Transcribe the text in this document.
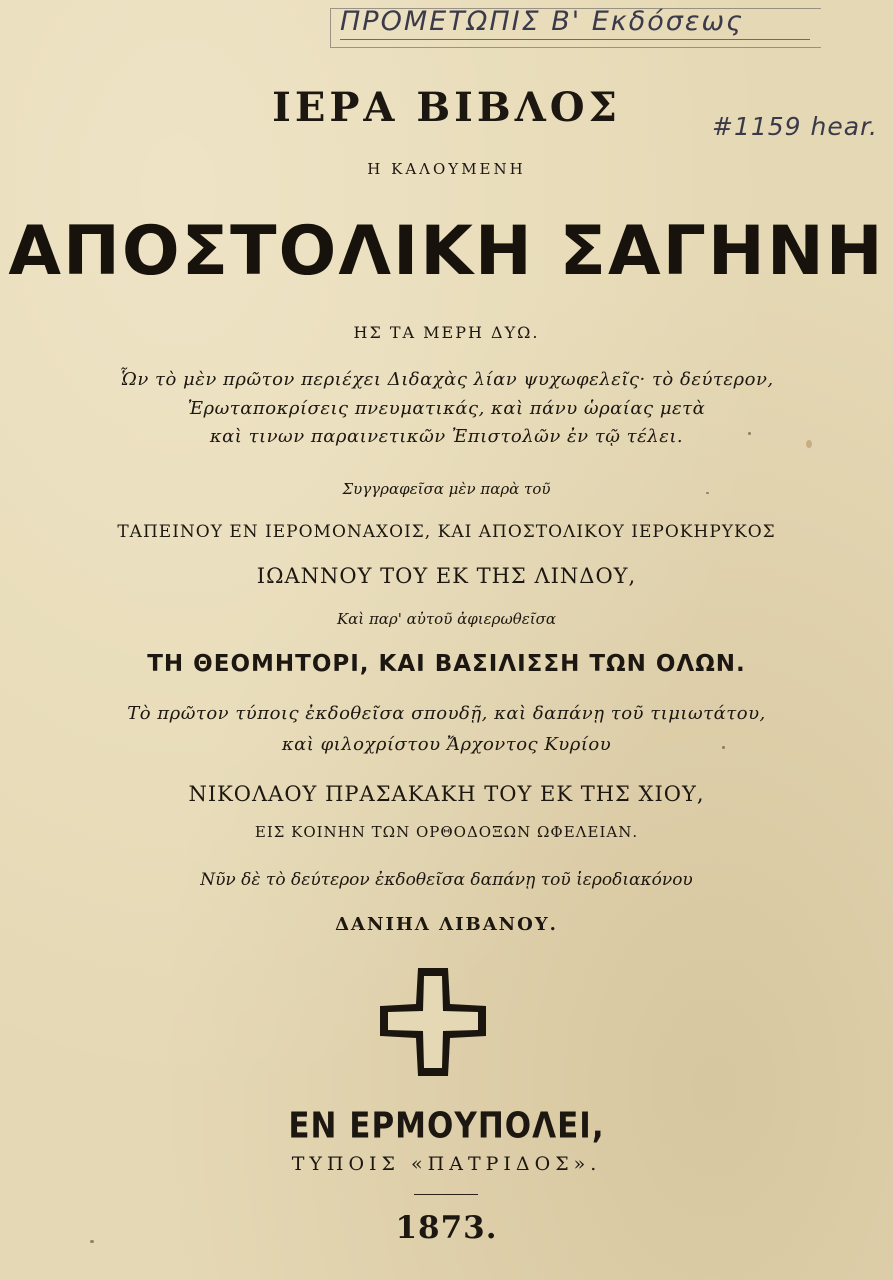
ΠΡΟΜΕΤΩΠΙΣ Β' Εκδόσεως
#1159 hear.
ΙΕΡΑ ΒΙΒΛΟΣ
Η ΚΑΛΟΥΜΕΝΗ
ΑΠΟΣΤΟΛΙΚΗ ΣΑΓΗΝΗ
ΗΣ ΤΑ ΜΕΡΗ ΔΥΩ.
Ὧν τὸ μὲν πρῶτον περιέχει Διδαχὰς λίαν ψυχωφελεῖς· τὸ δεύτερον,
Ἐρωταποκρίσεις πνευματικάς, καὶ πάνυ ὡραίας μετὰ
καὶ τινων παραινετικῶν Ἐπιστολῶν ἐν τῷ τέλει.
Συγγραφεῖσα μὲν παρὰ τοῦ
ΤΑΠΕΙΝΟΥ ΕΝ ΙΕΡΟΜΟΝΑΧΟΙΣ, ΚΑΙ ΑΠΟΣΤΟΛΙΚΟΥ ΙΕΡΟΚΗΡΥΚΟΣ
ΙΩΑΝΝΟΥ ΤΟΥ ΕΚ ΤΗΣ ΛΙΝΔΟΥ,
Καὶ παρ' αὐτοῦ ἀφιερωθεῖσα
ΤΗ ΘΕΟΜΗΤΟΡΙ, ΚΑΙ ΒΑΣΙΛΙΣΣΗ ΤΩΝ ΟΛΩΝ.
Τὸ πρῶτον τύποις ἐκδοθεῖσα σπουδῇ, καὶ δαπάνῃ τοῦ τιμιωτάτου,
καὶ φιλοχρίστου Ἄρχοντος Κυρίου
ΝΙΚΟΛΑΟΥ ΠΡΑΣΑΚΑΚΗ ΤΟΥ ΕΚ ΤΗΣ ΧΙΟΥ,
ΕΙΣ ΚΟΙΝΗΝ ΤΩΝ ΟΡΘΟΔΟΞΩΝ ΩΦΕΛΕΙΑΝ.
Νῦν δὲ τὸ δεύτερον ἐκδοθεῖσα δαπάνῃ τοῦ ἱεροδιακόνου
ΔΑΝΙΗΛ ΛΙΒΑΝΟΥ.
ΕΝ ΕΡΜΟΥΠΟΛΕΙ,
ΤΥΠΟΙΣ «ΠΑΤΡΙΔΟΣ».
1873.
